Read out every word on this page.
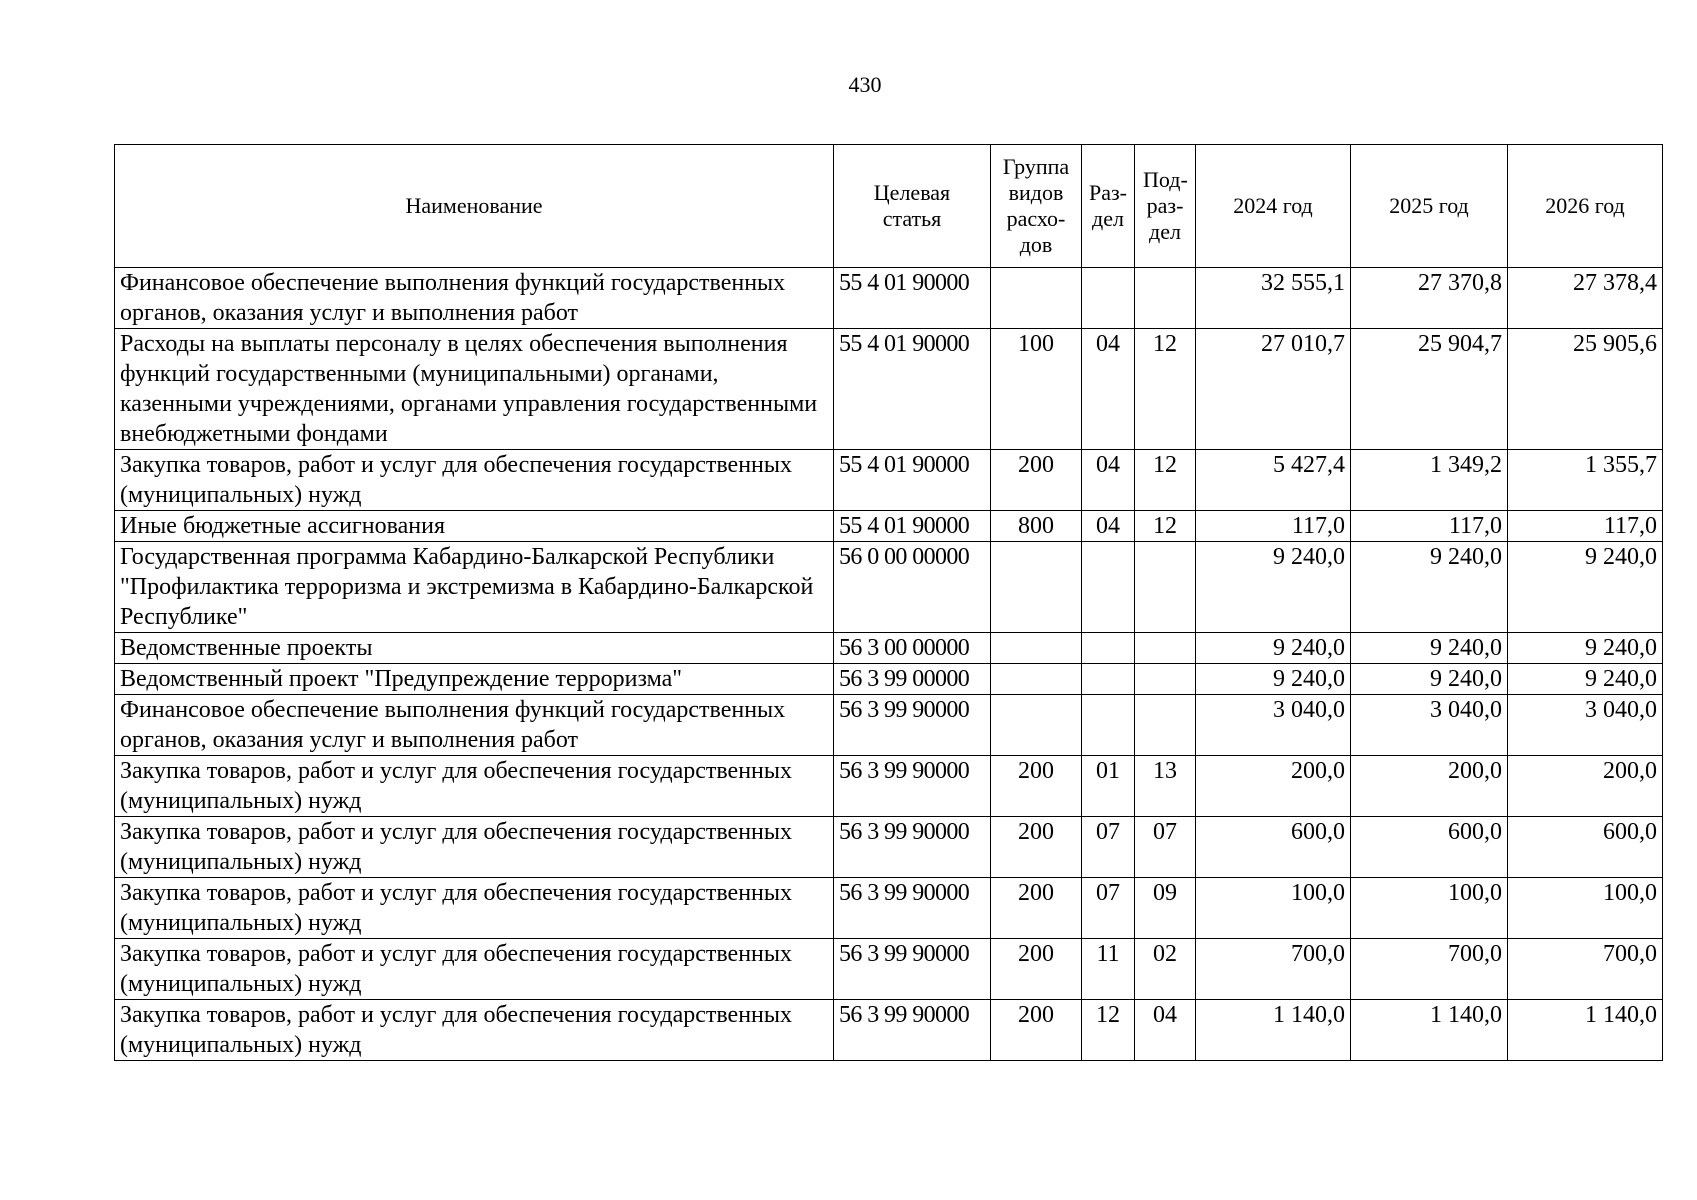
430
Наименование	Целевая статья	Группа видов расхо-дов	Раз-дел	Под-раз-дел	2024 год	2025 год	2026 год
Финансовое обеспечение выполнения функций государственных органов, оказания услуг и выполнения работ	55 4 01 90000				32 555,1	27 370,8	27 378,4
Расходы на выплаты персоналу в целях обеспечения выполнения функций государственными (муниципальными) органами, казенными учреждениями, органами управления государственными внебюджетными фондами	55 4 01 90000	100	04	12	27 010,7	25 904,7	25 905,6
Закупка товаров, работ и услуг для обеспечения государственных (муниципальных) нужд	55 4 01 90000	200	04	12	5 427,4	1 349,2	1 355,7
Иные бюджетные ассигнования	55 4 01 90000	800	04	12	117,0	117,0	117,0
Государственная программа Кабардино-Балкарской Республики "Профилактика терроризма и экстремизма в Кабардино-Балкарской Республике"	56 0 00 00000				9 240,0	9 240,0	9 240,0
Ведомственные проекты	56 3 00 00000				9 240,0	9 240,0	9 240,0
Ведомственный проект "Предупреждение терроризма"	56 3 99 00000				9 240,0	9 240,0	9 240,0
Финансовое обеспечение выполнения функций государственных органов, оказания услуг и выполнения работ	56 3 99 90000				3 040,0	3 040,0	3 040,0
Закупка товаров, работ и услуг для обеспечения государственных (муниципальных) нужд	56 3 99 90000	200	01	13	200,0	200,0	200,0
Закупка товаров, работ и услуг для обеспечения государственных (муниципальных) нужд	56 3 99 90000	200	07	07	600,0	600,0	600,0
Закупка товаров, работ и услуг для обеспечения государственных (муниципальных) нужд	56 3 99 90000	200	07	09	100,0	100,0	100,0
Закупка товаров, работ и услуг для обеспечения государственных (муниципальных) нужд	56 3 99 90000	200	11	02	700,0	700,0	700,0
Закупка товаров, работ и услуг для обеспечения государственных (муниципальных) нужд	56 3 99 90000	200	12	04	1 140,0	1 140,0	1 140,0
